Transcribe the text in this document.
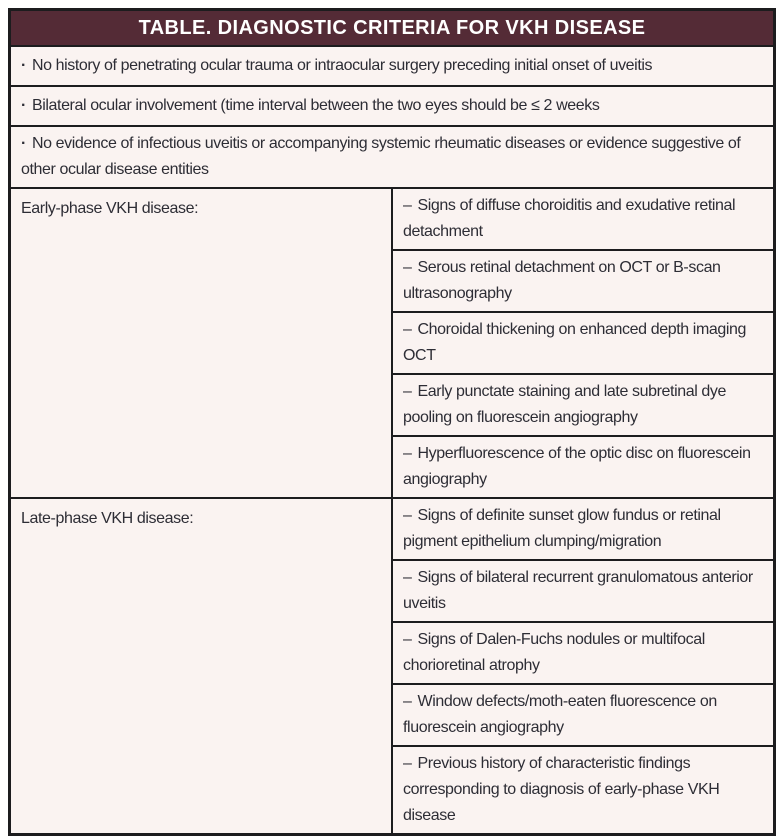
TABLE. DIAGNOSTIC CRITERIA FOR VKH DISEASE	
· No history of penetrating ocular trauma or intraocular surgery preceding initial onset of uveitis	
· Bilateral ocular involvement (time interval between the two eyes should be ≤ 2 weeks	
· No evidence of infectious uveitis or accompanying systemic rheumatic diseases or evidence suggestive of other ocular disease entities	
Early-phase VKH disease:	– Signs of diffuse choroiditis and exudative retinal detachment
	– Serous retinal detachment on OCT or B-scan ultrasonography
	– Choroidal thickening on enhanced depth imaging OCT
	– Early punctate staining and late subretinal dye pooling on fluorescein angiography
	– Hyperfluorescence of the optic disc on fluorescein angiography
Late-phase VKH disease:	– Signs of definite sunset glow fundus or retinal pigment epithelium clumping/migration
	– Signs of bilateral recurrent granulomatous anterior uveitis
	– Signs of Dalen-Fuchs nodules or multifocal chorioretinal atrophy
	– Window defects/moth-eaten fluorescence on fluorescein angiography
	– Previous history of characteristic findings corresponding to diagnosis of early-phase VKH disease
